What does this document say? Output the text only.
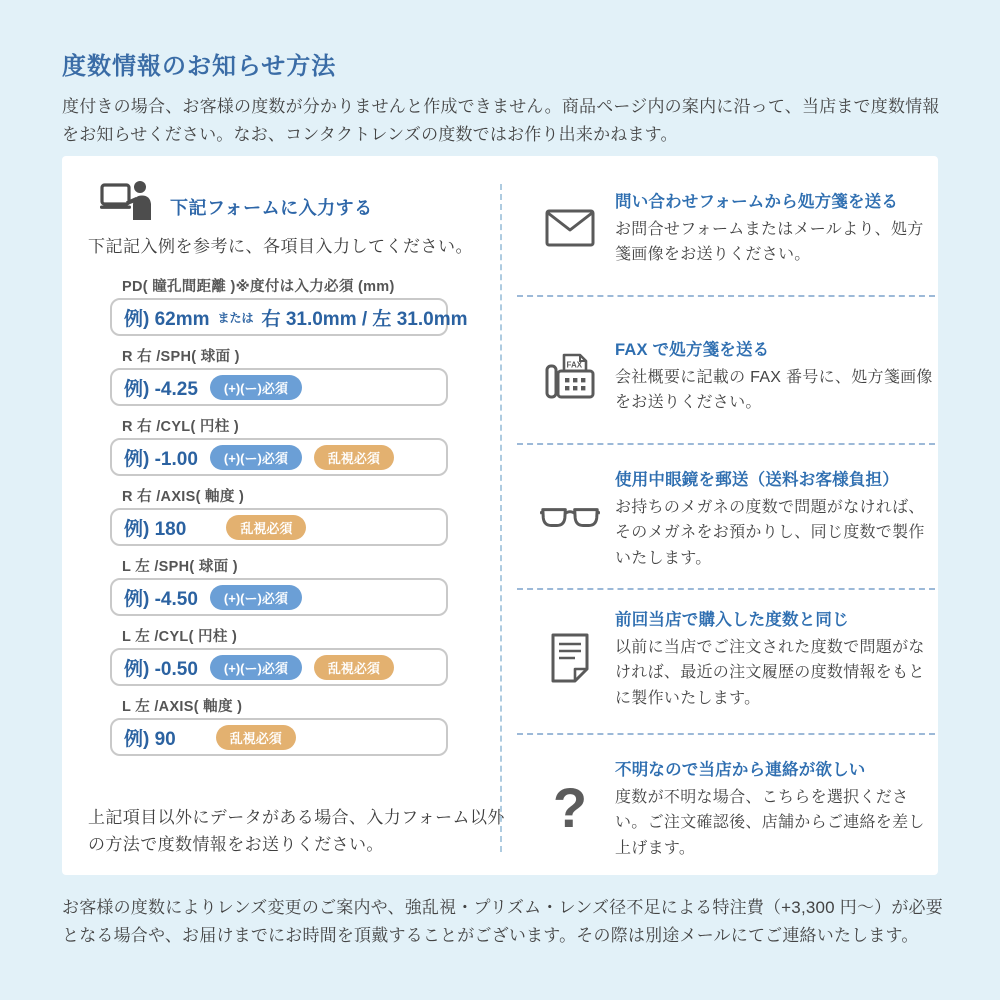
度数情報のお知らせ方法
度付きの場合、お客様の度数が分かりませんと作成できません。商品ページ内の案内に沿って、当店まで度数情報をお知らせください。なお、コンタクトレンズの度数ではお作り出来かねます。
下記フォームに入力する
下記記入例を参考に、各項目入力してください。
PD( 瞳孔間距離 )※度付は入力必須 (mm)
例) 62mm または 右 31.0mm / 左 31.0mm
R 右 /SPH( 球面 )
例) -4.25	(+)(ー)必須
R 右 /CYL( 円柱 )
例) -1.00	(+)(ー)必須	乱視必須
R 右 /AXIS( 軸度 )
例) 180	乱視必須
L 左 /SPH( 球面 )
例) -4.50	(+)(ー)必須
L 左 /CYL( 円柱 )
例) -0.50	(+)(ー)必須	乱視必須
L 左 /AXIS( 軸度 )
例) 90	乱視必須
上記項目以外にデータがある場合、入力フォーム以外の方法で度数情報をお送りください。
問い合わせフォームから処方箋を送る
お問合せフォームまたはメールより、処方箋画像をお送りください。
FAX
FAX で処方箋を送る
会社概要に記載の FAX 番号に、処方箋画像をお送りください。
使用中眼鏡を郵送（送料お客様負担）
お持ちのメガネの度数で問題がなければ、そのメガネをお預かりし、同じ度数で製作いたします。
前回当店で購入した度数と同じ
以前に当店でご注文された度数で問題がなければ、最近の注文履歴の度数情報をもとに製作いたします。
?
不明なので当店から連絡が欲しい
度数が不明な場合、こちらを選択ください。ご注文確認後、店舗からご連絡を差し上げます。
お客様の度数によりレンズ変更のご案内や、強乱視・プリズム・レンズ径不足による特注費（+3,300 円～）が必要となる場合や、お届けまでにお時間を頂戴することがございます。その際は別途メールにてご連絡いたします。
